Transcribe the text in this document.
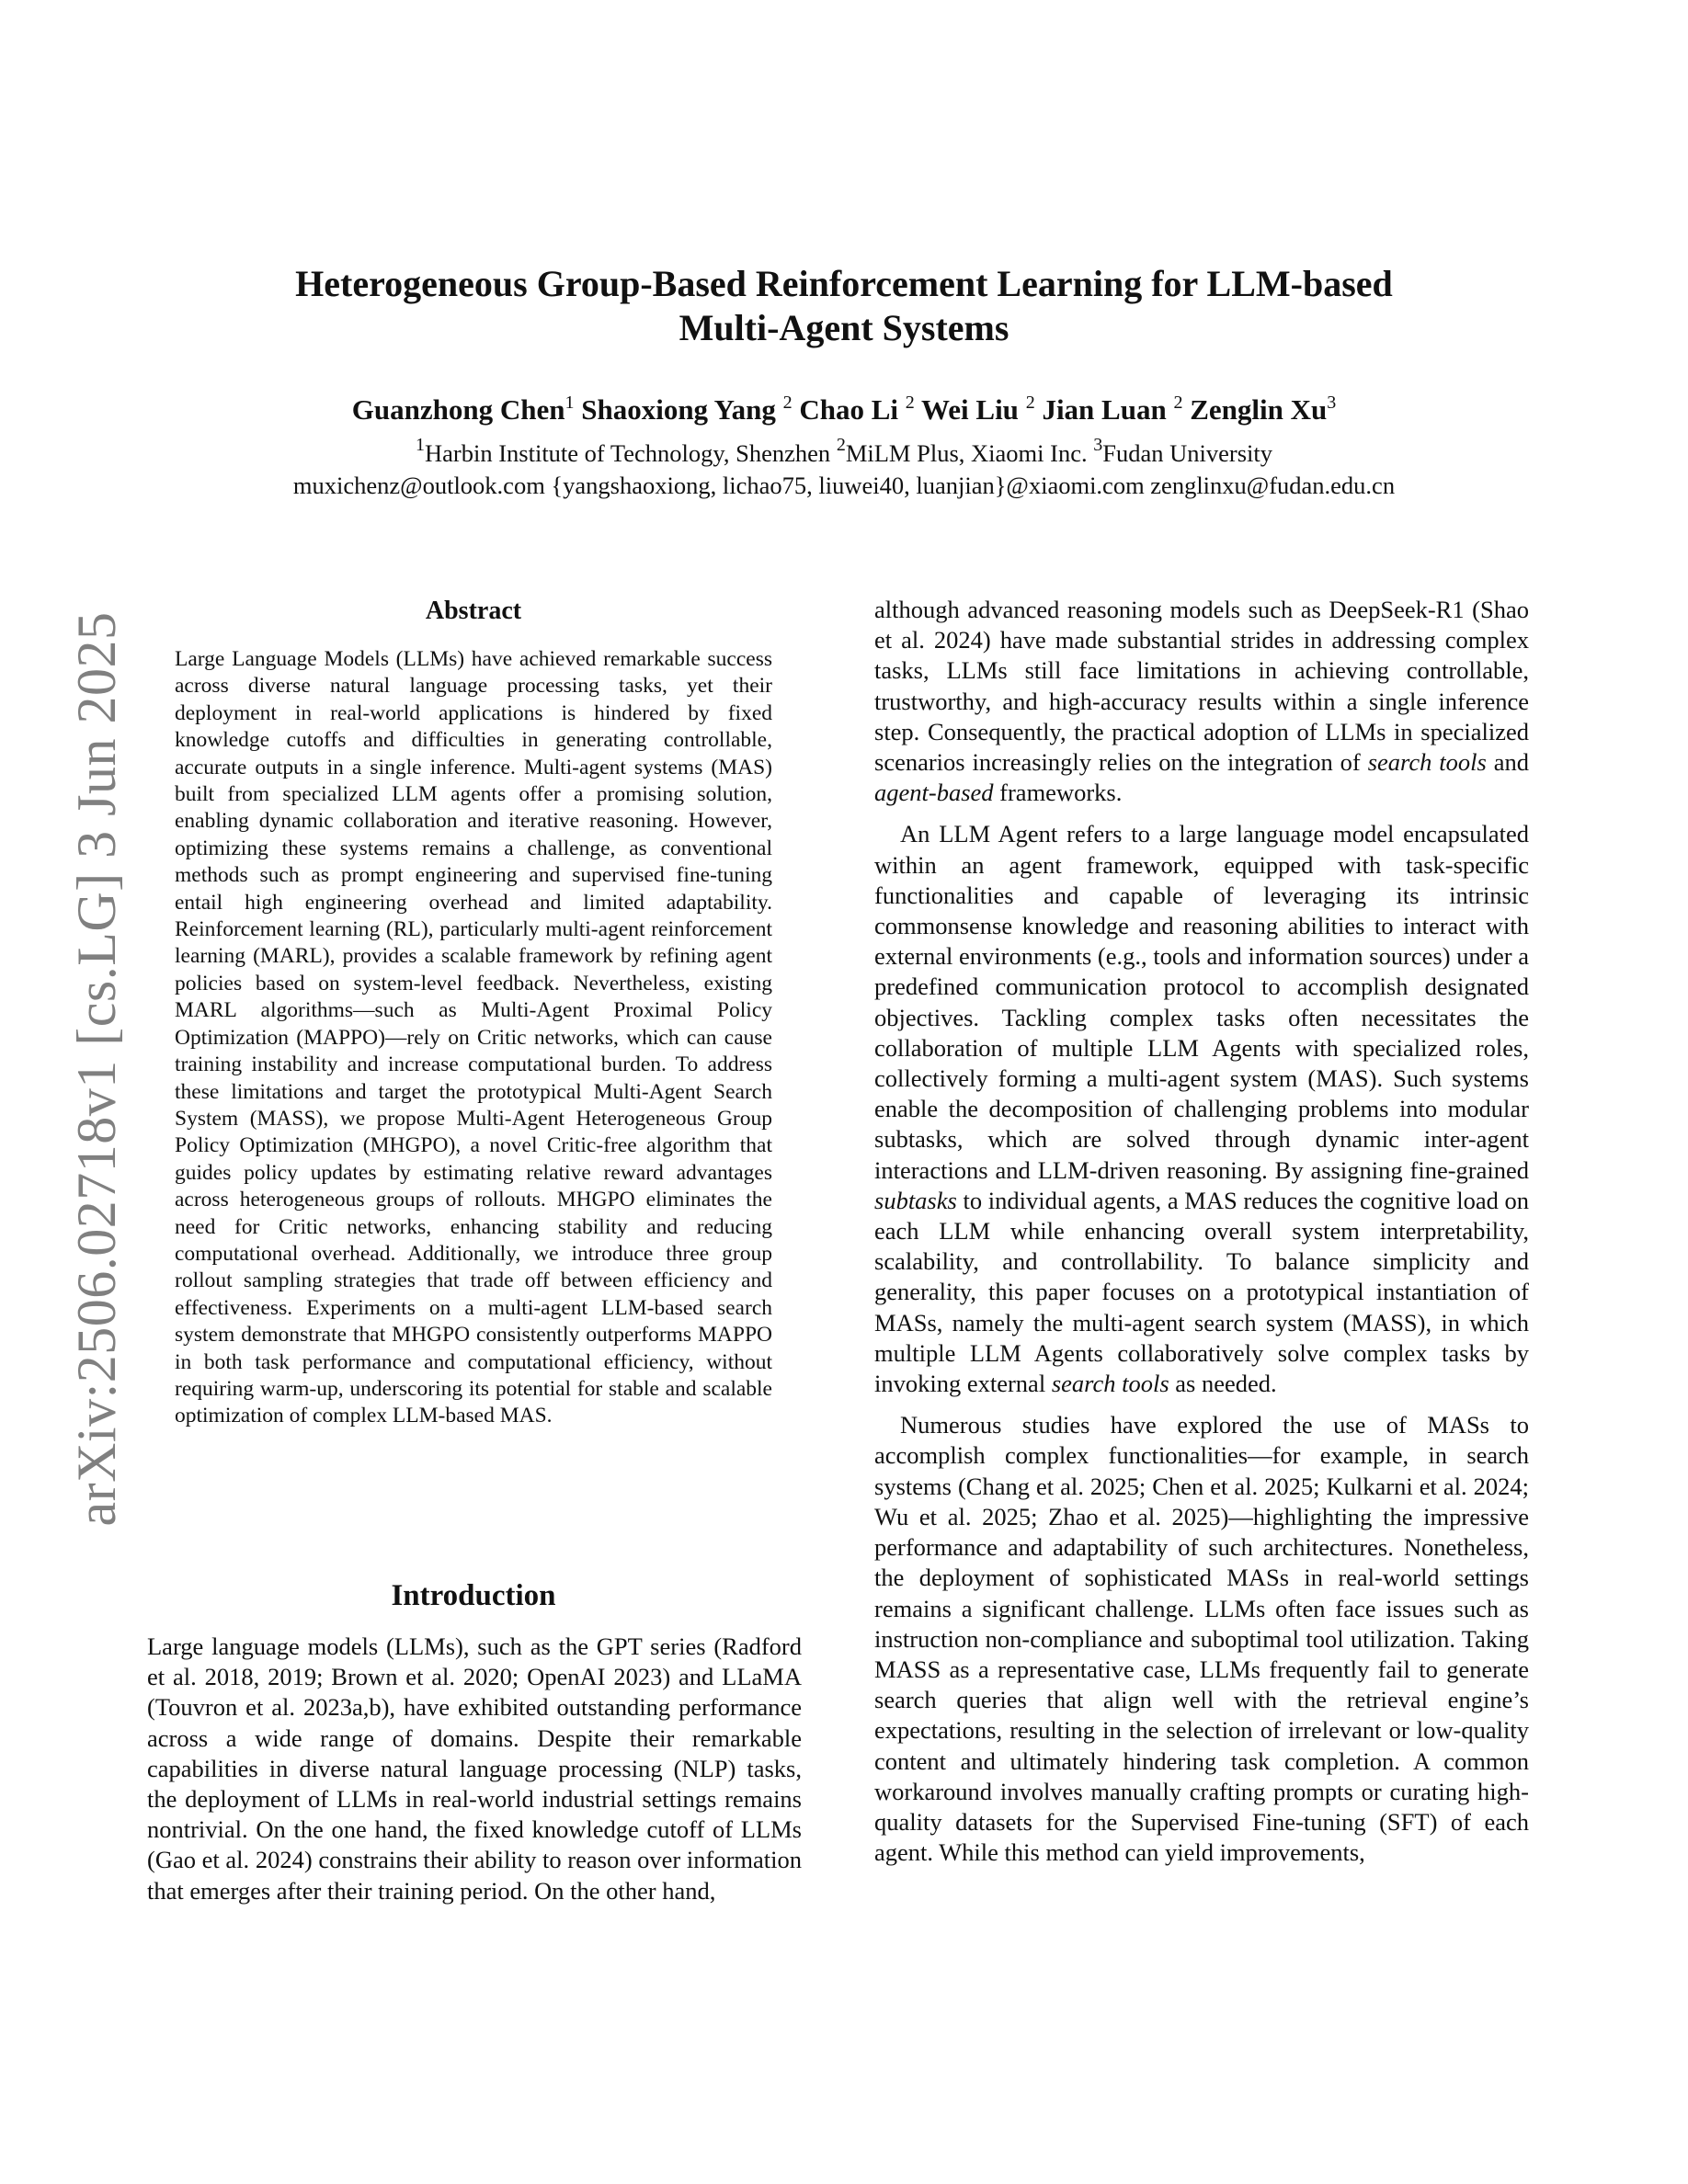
arXiv:2506.02718v1 [cs.LG] 3 Jun 2025
Heterogeneous Group-Based Reinforcement Learning for LLM-based
Multi-Agent Systems
Guanzhong Chen$^1$ Shaoxiong Yang $^2$ Chao Li $^2$ Wei Liu $^2$ Jian Luan $^2$ Zenglin Xu$^3$
$^1$Harbin Institute of Technology, Shenzhen $^2$MiLM Plus, Xiaomi Inc. $^3$Fudan University
muxichenz@outlook.com {yangshaoxiong, lichao75, liuwei40, luanjian}@xiaomi.com zenglinxu@fudan.edu.cn
Abstract

Large Language Models (LLMs) have achieved remarkable success across diverse natural language processing tasks, yet their deployment in real-world applications is hindered by fixed knowledge cutoffs and difficulties in generating controllable, accurate outputs in a single inference. Multi-agent systems (MAS) built from specialized LLM agents offer a promising solution, enabling dynamic collaboration and iterative reasoning. However, optimizing these systems remains a challenge, as conventional methods such as prompt engineering and supervised fine-tuning entail high engineering overhead and limited adaptability. Reinforcement learning (RL), particularly multi-agent reinforcement learning (MARL), provides a scalable framework by refining agent policies based on system-level feedback. Nevertheless, existing MARL algorithms—such as Multi-Agent Proximal Policy Optimization (MAPPO)—rely on Critic networks, which can cause training instability and increase computational burden. To address these limitations and target the prototypical Multi-Agent Search System (MASS), we propose Multi-Agent Heterogeneous Group Policy Optimization (MHGPO), a novel Critic-free algorithm that guides policy updates by estimating relative reward advantages across heterogeneous groups of rollouts. MHGPO eliminates the need for Critic networks, enhancing stability and reducing computational overhead. Additionally, we introduce three group rollout sampling strategies that trade off between efficiency and effectiveness. Experiments on a multi-agent LLM-based search system demonstrate that MHGPO consistently outperforms MAPPO in both task performance and computational efficiency, without requiring warm-up, underscoring its potential for stable and scalable optimization of complex LLM-based MAS.

Introduction

Large language models (LLMs), such as the GPT series (Radford et al. 2018, 2019; Brown et al. 2020; OpenAI 2023) and LLaMA (Touvron et al. 2023a,b), have exhibited outstanding performance across a wide range of domains. Despite their remarkable capabilities in diverse natural language processing (NLP) tasks, the deployment of LLMs in real-world industrial settings remains nontrivial. On the one hand, the fixed knowledge cutoff of LLMs (Gao et al. 2024) constrains their ability to reason over information that emerges after their training period. On the other hand,

although advanced reasoning models such as DeepSeek-R1 (Shao et al. 2024) have made substantial strides in addressing complex tasks, LLMs still face limitations in achieving controllable, trustworthy, and high-accuracy results within a single inference step. Consequently, the practical adoption of LLMs in specialized scenarios increasingly relies on the integration of search tools and agent-based frameworks.

An LLM Agent refers to a large language model encapsulated within an agent framework, equipped with task-specific functionalities and capable of leveraging its intrinsic commonsense knowledge and reasoning abilities to interact with external environments (e.g., tools and information sources) under a predefined communication protocol to accomplish designated objectives. Tackling complex tasks often necessitates the collaboration of multiple LLM Agents with specialized roles, collectively forming a multi-agent system (MAS). Such systems enable the decomposition of challenging problems into modular subtasks, which are solved through dynamic inter-agent interactions and LLM-driven reasoning. By assigning fine-grained subtasks to individual agents, a MAS reduces the cognitive load on each LLM while enhancing overall system interpretability, scalability, and controllability. To balance simplicity and generality, this paper focuses on a prototypical instantiation of MASs, namely the multi-agent search system (MASS), in which multiple LLM Agents collaboratively solve complex tasks by invoking external search tools as needed.

Numerous studies have explored the use of MASs to accomplish complex functionalities—for example, in search systems (Chang et al. 2025; Chen et al. 2025; Kulkarni et al. 2024; Wu et al. 2025; Zhao et al. 2025)—highlighting the impressive performance and adaptability of such architectures. Nonetheless, the deployment of sophisticated MASs in real-world settings remains a significant challenge. LLMs often face issues such as instruction non-compliance and suboptimal tool utilization. Taking MASS as a representative case, LLMs frequently fail to generate search queries that align well with the retrieval engine’s expectations, resulting in the selection of irrelevant or low-quality content and ultimately hindering task completion. A common workaround involves manually crafting prompts or curating high-quality datasets for the Supervised Fine-tuning (SFT) of each agent. While this method can yield improvements,
